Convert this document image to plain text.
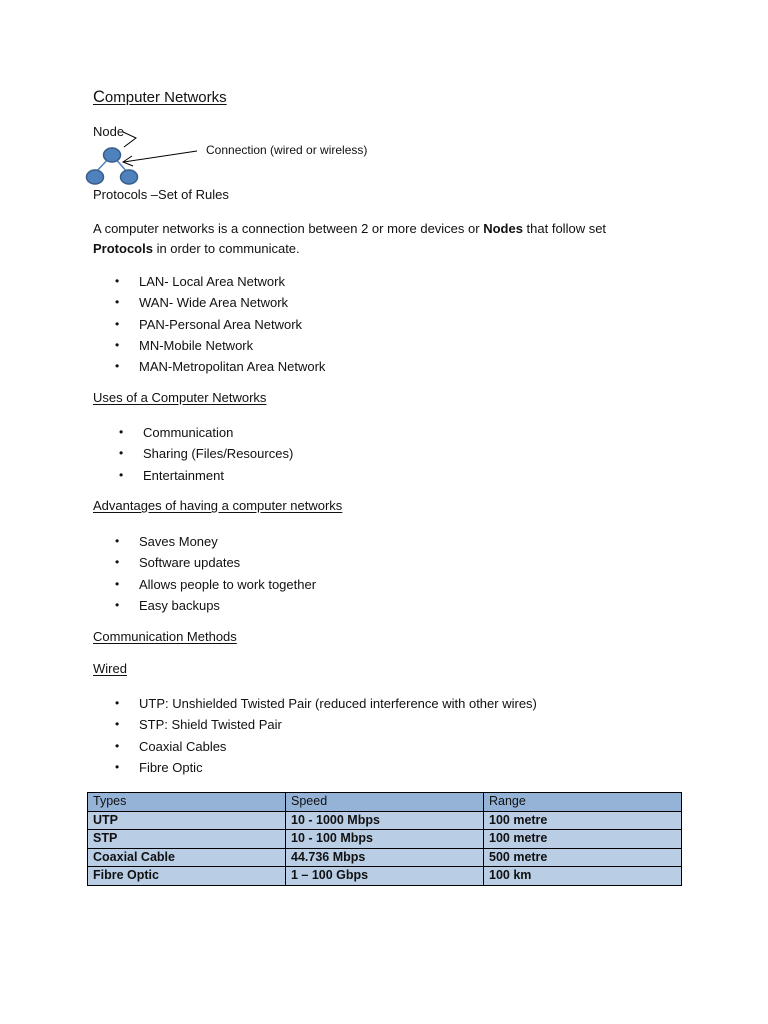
Computer Networks
Node
Connection (wired or wireless)
Protocols –Set of Rules
A computer networks is a connection between 2 or more devices or Nodes that follow set
Protocols in order to communicate.
• LAN- Local Area Network
• WAN- Wide Area Network
• PAN-Personal Area Network
• MN-Mobile Network
• MAN-Metropolitan Area Network
Uses of a Computer Networks
• Communication
• Sharing (Files/Resources)
• Entertainment
Advantages of having a computer networks
• Saves Money
• Software updates
• Allows people to work together
• Easy backups
Communication Methods
Wired
• UTP: Unshielded Twisted Pair (reduced interference with other wires)
• STP: Shield Twisted Pair
• Coaxial Cables
• Fibre Optic
Types	Speed	Range
UTP	10 - 1000 Mbps	100 metre
STP	10 - 100 Mbps	100 metre
Coaxial Cable	44.736 Mbps	500 metre
Fibre Optic	1 – 100 Gbps	100 km
